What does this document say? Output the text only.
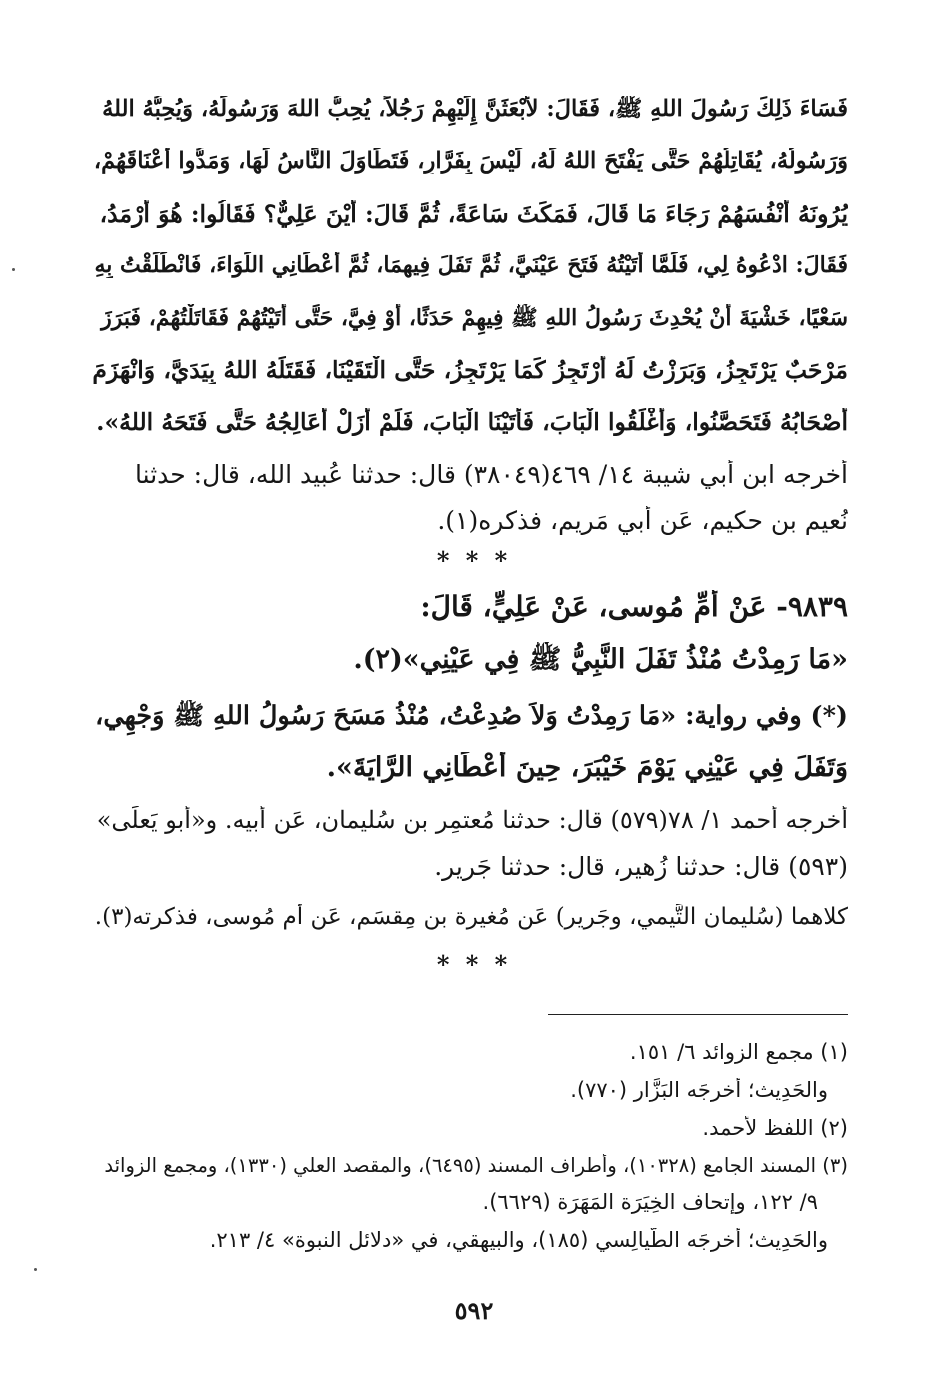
فَسَاءَ ذَلِكَ رَسُولَ اللهِ ﷺ، فَقَالَ: لأَبْعَثَنَّ إِلَيْهِمْ رَجُلاً، يُحِبُّ اللهَ وَرَسُولَهُ، وَيُحِبُّهُ اللهُ
وَرَسُولُهُ، يُقَاتِلُهُمْ حَتَّى يَفْتَحَ اللهُ لَهُ، لَيْسَ بِفَرَّارٍ، فَتَطَاوَلَ النَّاسُ لَهَا، وَمَدُّوا أَعْنَاقَهُمْ،
يُرُونَهُ أَنْفُسَهُمْ رَجَاءَ مَا قَالَ، فَمَكَثَ سَاعَةً، ثُمَّ قَالَ: أَيْنَ عَلِيٌّ؟ فَقَالُوا: هُوَ أَرْمَدُ،
فَقَالَ: ادْعُوهُ لِي، فَلَمَّا أَتَيْتُهُ فَتَحَ عَيْنَيَّ، ثُمَّ تَفَلَ فِيهِمَا، ثُمَّ أَعْطَانِي اللِّوَاءَ، فَانْطَلَقْتُ بِهِ
سَعْيًا، خَشْيَةَ أَنْ يُحْدِثَ رَسُولُ اللهِ ﷺ فِيهِمْ حَدَثًا، أَوْ فِيَّ، حَتَّى أَتَيْتُهُمْ فَقَاتَلْتُهُمْ، فَبَرَزَ
مَرْحَبٌ يَرْتَجِزُ، وَبَرَزْتُ لَهُ أَرْتَجِزُ كَمَا يَرْتَجِزُ، حَتَّى الْتَقَيْنَا، فَقَتَلَهُ اللهُ بِيَدَيَّ، وَانْهَزَمَ
أَصْحَابُهُ فَتَحَصَّنُوا، وَأَغْلَقُوا الْبَابَ، فَأَتَيْنَا الْبَابَ، فَلَمْ أَزَلْ أُعَالِجُهُ حَتَّى فَتَحَهُ اللهُ».
أخرجه ابن أبي شيبة ١٤/ ٤٦٩(٣٨٠٤٩) قال: حدثنا عُبيد الله، قال: حدثنا
نُعيم بن حكيم، عَن أَبي مَريم، فذكره(١).
* * *
٩٨٣٩- عَنْ أُمِّ مُوسى، عَنْ عَلِيٍّ، قَالَ:
«مَا رَمِدْتُ مُنْذُ تَفَلَ النَّبِيُّ ﷺ فِي عَيْنِي»(٢).
(*) وفي رواية: «مَا رَمِدْتُ وَلاَ صُدِعْتُ، مُنْذُ مَسَحَ رَسُولُ اللهِ ﷺ وَجْهِي،
وَتَفَلَ فِي عَيْنِي يَوْمَ خَيْبَرَ، حِينَ أَعْطَانِي الرَّايَةَ».
أخرجه أحمد ١/ ٧٨(٥٧٩) قال: حدثنا مُعتمِر بن سُليمان، عَن أَبيه. و«أبو يَعلَى»
(٥٩٣) قال: حدثنا زُهير، قال: حدثنا جَرير.
كلاهما (سُليمان التَّيمي، وجَرير) عَن مُغيرة بن مِقسَم، عَن أُم مُوسى، فذكرته(٣).
* * *
(١) مجمع الزوائد ٦/ ١٥١.
والحَدِيث؛ أَخرجَه البَزَّار (٧٧٠).
(٢) اللفظ لأَحمد.
(٣) المسند الجامع (١٠٣٢٨)، وأَطراف المسند (٦٤٩٥)، والمقصد العلي (١٣٣٠)، ومجمع الزوائد
٩/ ١٢٢، وإِتحاف الخِيَرَة المَهَرَة (٦٦٢٩).
والحَدِيث؛ أَخرجَه الطَّيالِسي (١٨٥)، والبيهقي، في «دلائل النبوة» ٤/ ٢١٣.
٥٩٢
